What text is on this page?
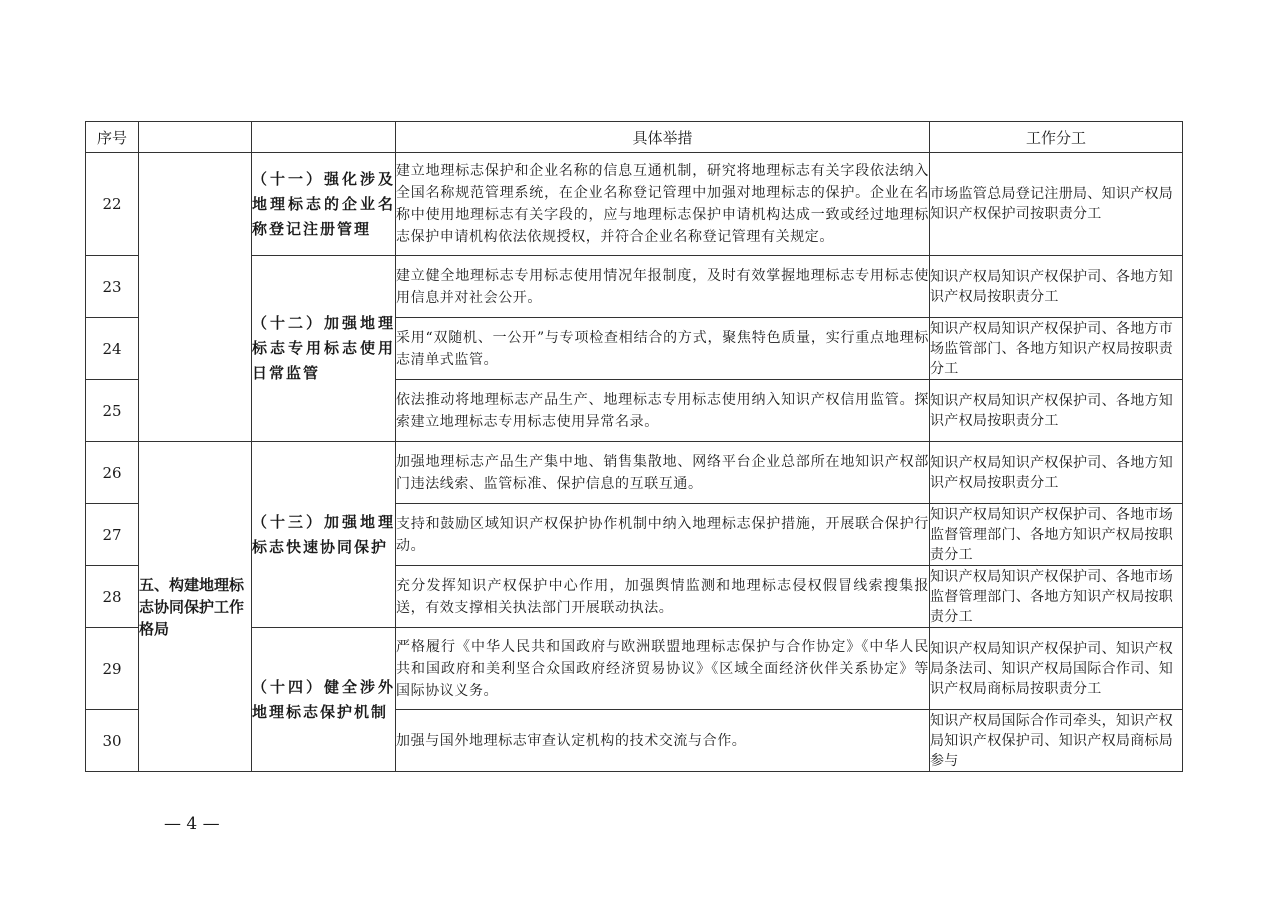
序号			具体举措	工作分工
22		（十一）强化涉及地理标志的企业名称登记注册管理	建立地理标志保护和企业名称的信息互通机制，研究将地理标志有关字段依法纳入全国名称规范管理系统，在企业名称登记管理中加强对地理标志的保护。企业在名称中使用地理标志有关字段的，应与地理标志保护申请机构达成一致或经过地理标志保护申请机构依法依规授权，并符合企业名称登记管理有关规定。	市场监管总局登记注册局、知识产权局知识产权保护司按职责分工
23		（十二）加强地理标志专用标志使用日常监管	建立健全地理标志专用标志使用情况年报制度，及时有效掌握地理标志专用标志使用信息并对社会公开。	知识产权局知识产权保护司、各地方知识产权局按职责分工
24			采用“双随机、一公开”与专项检查相结合的方式，聚焦特色质量，实行重点地理标志清单式监管。	知识产权局知识产权保护司、各地方市场监管部门、各地方知识产权局按职责分工
25			依法推动将地理标志产品生产、地理标志专用标志使用纳入知识产权信用监管。探索建立地理标志专用标志使用异常名录。	知识产权局知识产权保护司、各地方知识产权局按职责分工
26	五、构建地理标志协同保护工作格局	（十三）加强地理标志快速协同保护	加强地理标志产品生产集中地、销售集散地、网络平台企业总部所在地知识产权部门违法线索、监管标准、保护信息的互联互通。	知识产权局知识产权保护司、各地方知识产权局按职责分工
27			支持和鼓励区域知识产权保护协作机制中纳入地理标志保护措施，开展联合保护行动。	知识产权局知识产权保护司、各地市场监督管理部门、各地方知识产权局按职责分工
28			充分发挥知识产权保护中心作用，加强舆情监测和地理标志侵权假冒线索搜集报送，有效支撑相关执法部门开展联动执法。	知识产权局知识产权保护司、各地市场监督管理部门、各地方知识产权局按职责分工
29		（十四）健全涉外地理标志保护机制	严格履行《中华人民共和国政府与欧洲联盟地理标志保护与合作协定》《中华人民共和国政府和美利坚合众国政府经济贸易协议》《区域全面经济伙伴关系协定》等国际协议义务。	知识产权局知识产权保护司、知识产权局条法司、知识产权局国际合作司、知识产权局商标局按职责分工
30			加强与国外地理标志审查认定机构的技术交流与合作。	知识产权局国际合作司牵头，知识产权局知识产权保护司、知识产权局商标局参与
— 4 —
